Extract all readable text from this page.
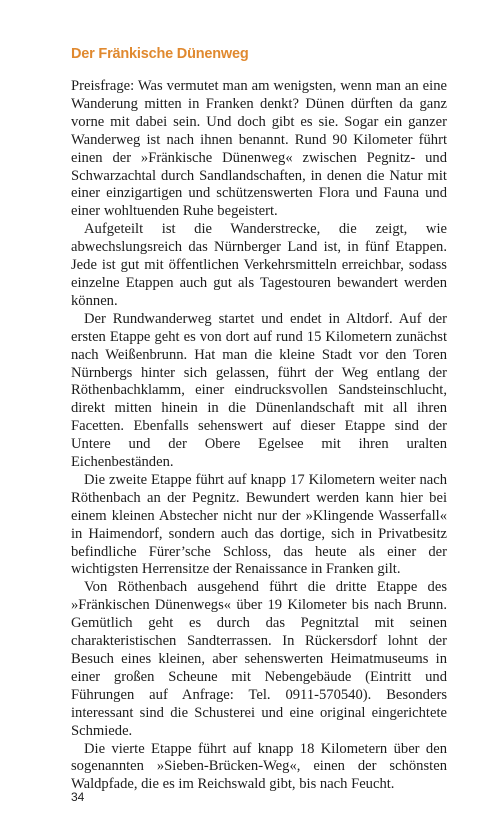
Der Fränkische Dünenweg

Preisfrage: Was vermutet man am wenigsten, wenn man an eine Wanderung mitten in Franken denkt? Dünen dürften da ganz vorne mit dabei sein. Und doch gibt es sie. Sogar ein ganzer Wanderweg ist nach ihnen benannt. Rund 90 Kilometer führt einen der »Fränkische Dünenweg« zwischen Pegnitz- und Schwarzachtal durch Sandlandschaften, in denen die Natur mit einer einzigartigen und schützenswerten Flora und Fauna und einer wohltuenden Ruhe begeistert.

Aufgeteilt ist die Wanderstrecke, die zeigt, wie abwechslungsreich das Nürnberger Land ist, in fünf Etappen. Jede ist gut mit öffentlichen Verkehrsmitteln erreichbar, sodass einzelne Etappen auch gut als Tagestouren bewandert werden können.

Der Rundwanderweg startet und endet in Altdorf. Auf der ersten Etappe geht es von dort auf rund 15 Kilometern zunächst nach Weißenbrunn. Hat man die kleine Stadt vor den Toren Nürnbergs hinter sich gelassen, führt der Weg entlang der Röthenbachklamm, einer eindrucksvollen Sandsteinschlucht, direkt mitten hinein in die Dünenlandschaft mit all ihren Facetten. Ebenfalls sehenswert auf dieser Etappe sind der Untere und der Obere Egelsee mit ihren uralten Eichenbeständen.

Die zweite Etappe führt auf knapp 17 Kilometern weiter nach Röthenbach an der Pegnitz. Bewundert werden kann hier bei einem kleinen Abstecher nicht nur der »Klingende Wasserfall« in Haimendorf, sondern auch das dortige, sich in Privatbesitz befindliche Fürer’sche Schloss, das heute als einer der wichtigsten Herrensitze der Renaissance in Franken gilt.

Von Röthenbach ausgehend führt die dritte Etappe des »Fränkischen Dünenwegs« über 19 Kilometer bis nach Brunn. Gemütlich geht es durch das Pegnitztal mit seinen charakteristischen Sandterrassen. In Rückersdorf lohnt der Besuch eines kleinen, aber sehenswerten Heimatmuseums in einer großen Scheune mit Nebengebäude (Eintritt und Führungen auf Anfrage: Tel. 0911-570540). Besonders interessant sind die Schusterei und eine original eingerichtete Schmiede.

Die vierte Etappe führt auf knapp 18 Kilometern über den sogenannten »Sieben-Brücken-Weg«, einen der schönsten Waldpfade, die es im Reichswald gibt, bis nach Feucht.

34
